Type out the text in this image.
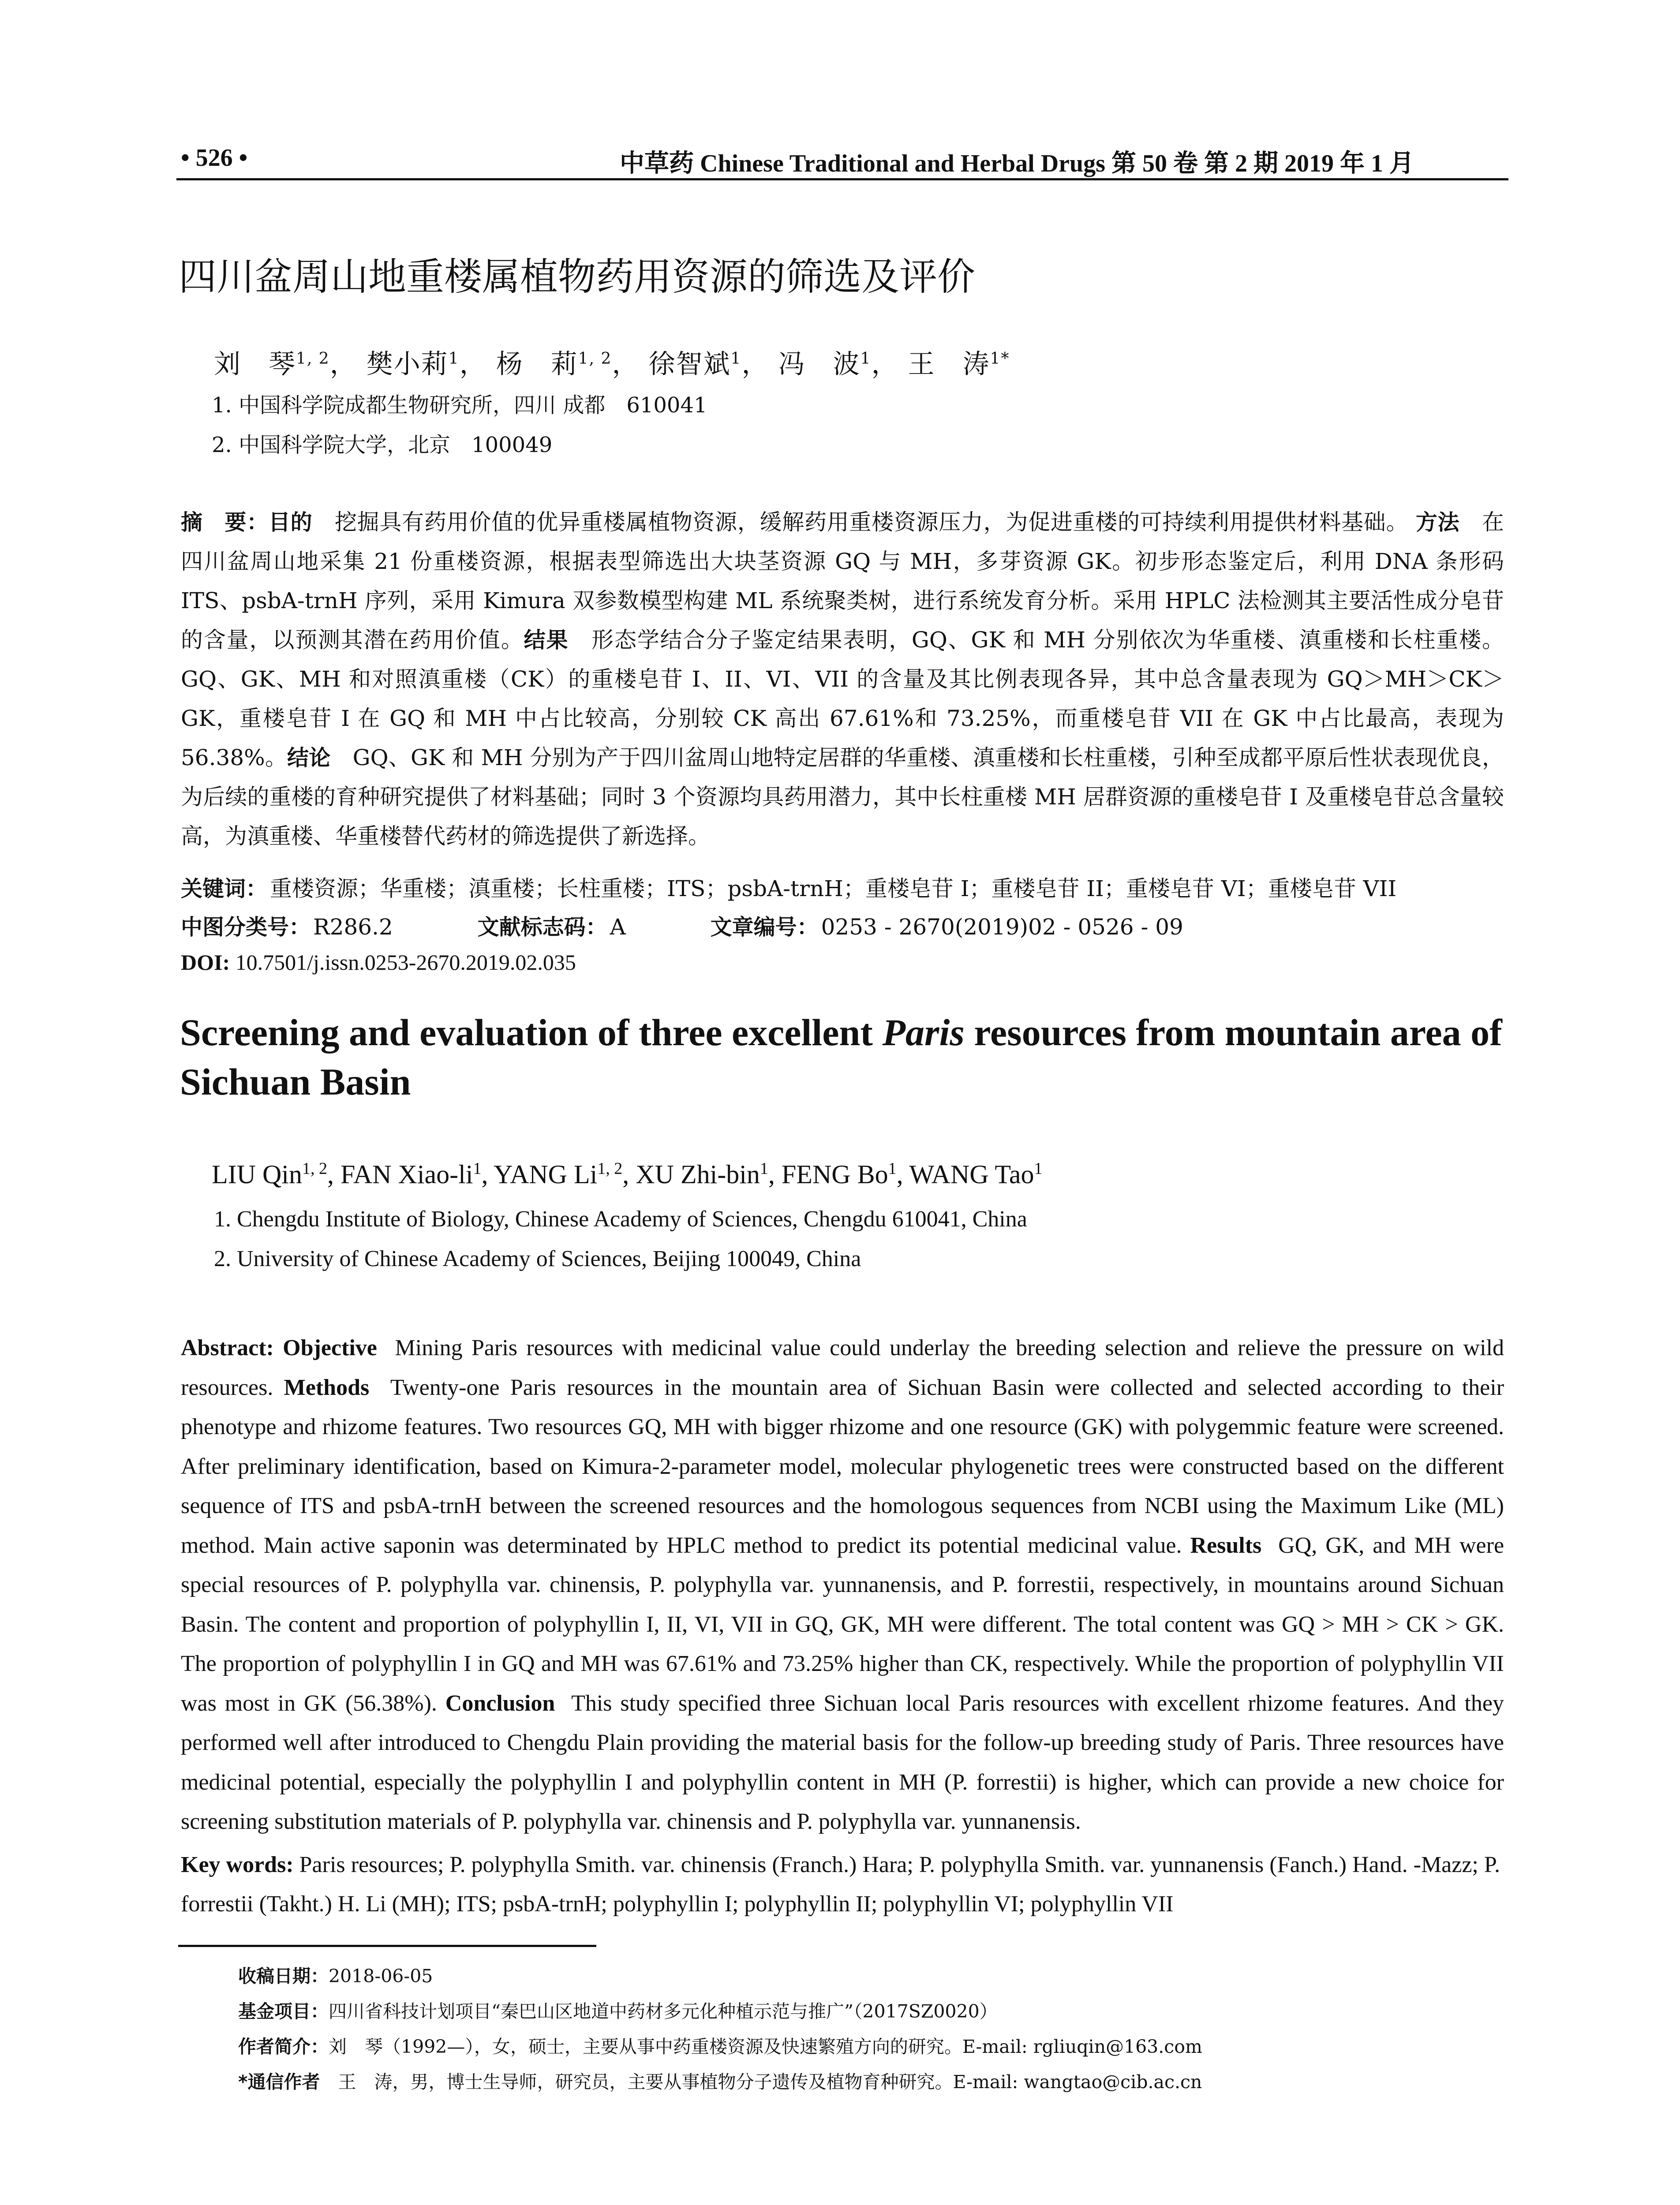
• 526 •	中草药 Chinese Traditional and Herbal Drugs 第 50 卷 第 2 期 2019 年 1 月
四川盆周山地重楼属植物药用资源的筛选及评价
刘　琴$^{1, 2}$， 樊小莉$^1$， 杨　莉$^{1, 2}$， 徐智斌$^1$， 冯　波$^1$， 王　涛$^{1*}$
1. 中国科学院成都生物研究所，四川 成都　610041
2. 中国科学院大学，北京　100049
摘　要：目的　 挖掘具有药用价值的优异重楼属植物资源，缓解药用重楼资源压力，为促进重楼的可持续利用提供材料基础。 方法　 在四川盆周山地采集 21 份重楼资源，根据表型筛选出大块茎资源 GQ 与 MH，多芽资源 GK。初步形态鉴定后，利用 DNA 条形码 ITS、psbA-trnH 序列，采用 Kimura 双参数模型构建 ML 系统聚类树，进行系统发育分析。采用 HPLC 法检测其主要活性成分皂苷的含量，以预测其潜在药用价值。结果　 形态学结合分子鉴定结果表明，GQ、GK 和 MH 分别依次为华重楼、滇重楼和长柱重楼。GQ、GK、MH 和对照滇重楼（CK）的重楼皂苷 I、II、VI、VII 的含量及其比例表现各异，其中总含量表现为 GQ＞MH＞CK＞GK，重楼皂苷 I 在 GQ 和 MH 中占比较高，分别较 CK 高出 67.61%和 73.25%，而重楼皂苷 VII 在 GK 中占比最高，表现为 56.38%。结论　 GQ、GK 和 MH 分别为产于四川盆周山地特定居群的华重楼、滇重楼和长柱重楼，引种至成都平原后性状表现优良，为后续的重楼的育种研究提供了材料基础；同时 3 个资源均具药用潜力，其中长柱重楼 MH 居群资源的重楼皂苷 I 及重楼皂苷总含量较高，为滇重楼、华重楼替代药材的筛选提供了新选择。
关键词： 重楼资源；华重楼；滇重楼；长柱重楼；ITS；psbA-trnH；重楼皂苷 I；重楼皂苷 II；重楼皂苷 VI；重楼皂苷 VII
中图分类号： R286.2	文献标志码： A	文章编号： 0253 - 2670(2019)02 - 0526 - 09
DOI: 10.7501/j.issn.0253-2670.2019.02.035
Screening and evaluation of three excellent Paris resources from mountain area of Sichuan Basin
LIU Qin$^{1, 2}$, FAN Xiao-$li^1$, YANG Li$^{1, 2}$, XU Zhi-bin$^1$, FENG Bo$^1$, WANG Tao$^1$
1. Chengdu Institute of Biology, Chinese Academy of Sciences, Chengdu 610041, China
2. University of Chinese Academy of Sciences, Beijing 100049, China
Abstract: Objective Mining Paris resources with medicinal value could underlay the breeding selection and relieve the pressure on wild resources. Methods Twenty-one Paris resources in the mountain area of Sichuan Basin were collected and selected according to their phenotype and rhizome features. Two resources GQ, MH with bigger rhizome and one resource (GK) with polygemmic feature were screened. After preliminary identification, based on Kimura-2-parameter model, molecular phylogenetic trees were constructed based on the different sequence of ITS and psbA-trnH between the screened resources and the homologous sequences from NCBI using the Maximum Like (ML) method. Main active saponin was determinated by HPLC method to predict its potential medicinal value. Results GQ, GK, and MH were special resources of P. polyphylla var. chinensis, P. polyphylla var. yunnanensis, and P. forrestii, respectively, in mountains around Sichuan Basin. The content and proportion of polyphyllin I, II, VI, VII in GQ, GK, MH were different. The total content was GQ > MH > CK > GK. The proportion of polyphyllin I in GQ and MH was 67.61% and 73.25% higher than CK, respectively. While the proportion of polyphyllin VII was most in GK (56.38%). Conclusion This study specified three Sichuan local Paris resources with excellent rhizome features. And they performed well after introduced to Chengdu Plain providing the material basis for the follow-up breeding study of Paris. Three resources have medicinal potential, especially the polyphyllin I and polyphyllin content in MH (P. forrestii) is higher, which can provide a new choice for screening substitution materials of P. polyphylla var. chinensis and P. polyphylla var. yunnanensis.
Key words: Paris resources; P. polyphylla Smith. var. chinensis (Franch.) Hara; P. polyphylla Smith. var. yunnanensis (Fanch.) Hand. -Mazz; P. forrestii (Takht.) H. Li (MH); ITS; psbA-trnH; polyphyllin I; polyphyllin II; polyphyllin VI; polyphyllin VII
收稿日期：2018-06-05
基金项目：四川省科技计划项目“秦巴山区地道中药材多元化种植示范与推广”（2017SZ0020）
作者简介：刘　琴（1992—），女，硕士，主要从事中药重楼资源及快速繁殖方向的研究。E-mail: rgliuqin@163.com
*通信作者　王　涛，男，博士生导师，研究员，主要从事植物分子遗传及植物育种研究。E-mail: wangtao@cib.ac.cn
